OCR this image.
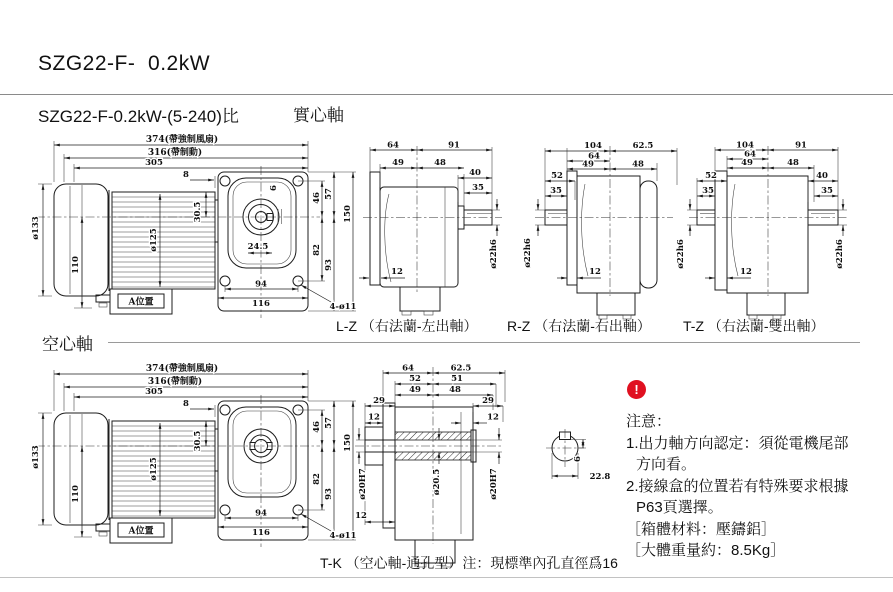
SZG22-F-  0.2kW
SZG22-F-0.2kW-(5-240)比	實心軸
A位置
374(帶強制風扇)
316(帶制動)
305
8
ø133
ø125
30.5
110
6
24.5
94
116
46
82
57
93
150
4-ø11
64	91
49	48
40
35
12
ø22h6
104	62.5
64
49	48
52
35
ø22h6
12
104	91
64
49	48
52
35
40
35
ø22h6	ø22h6
12
L-Z （右法蘭-左出軸） R-Z （右法蘭-右出軸） T-Z （右法蘭-雙出軸）
空心軸
A位置
374(帶強制風扇)
316(帶制動)
305
8
ø133
ø125
30.5
110
94
116
46
82
57
93
150
4-ø11
64	62.5
52	51
49	48
29
12
29
12
ø20H7	ø20.5	ø20H7
12
6
22.8
T-K （空心軸-通孔型）注：現標準內孔直徑爲16
!
注意：
1.出力軸方向認定：須從電機尾部
方向看。
2.接線盒的位置若有特殊要求根據
P63頁選擇。
［箱體材料：壓鑄鋁］
［大體重量約：8.5Kg］
